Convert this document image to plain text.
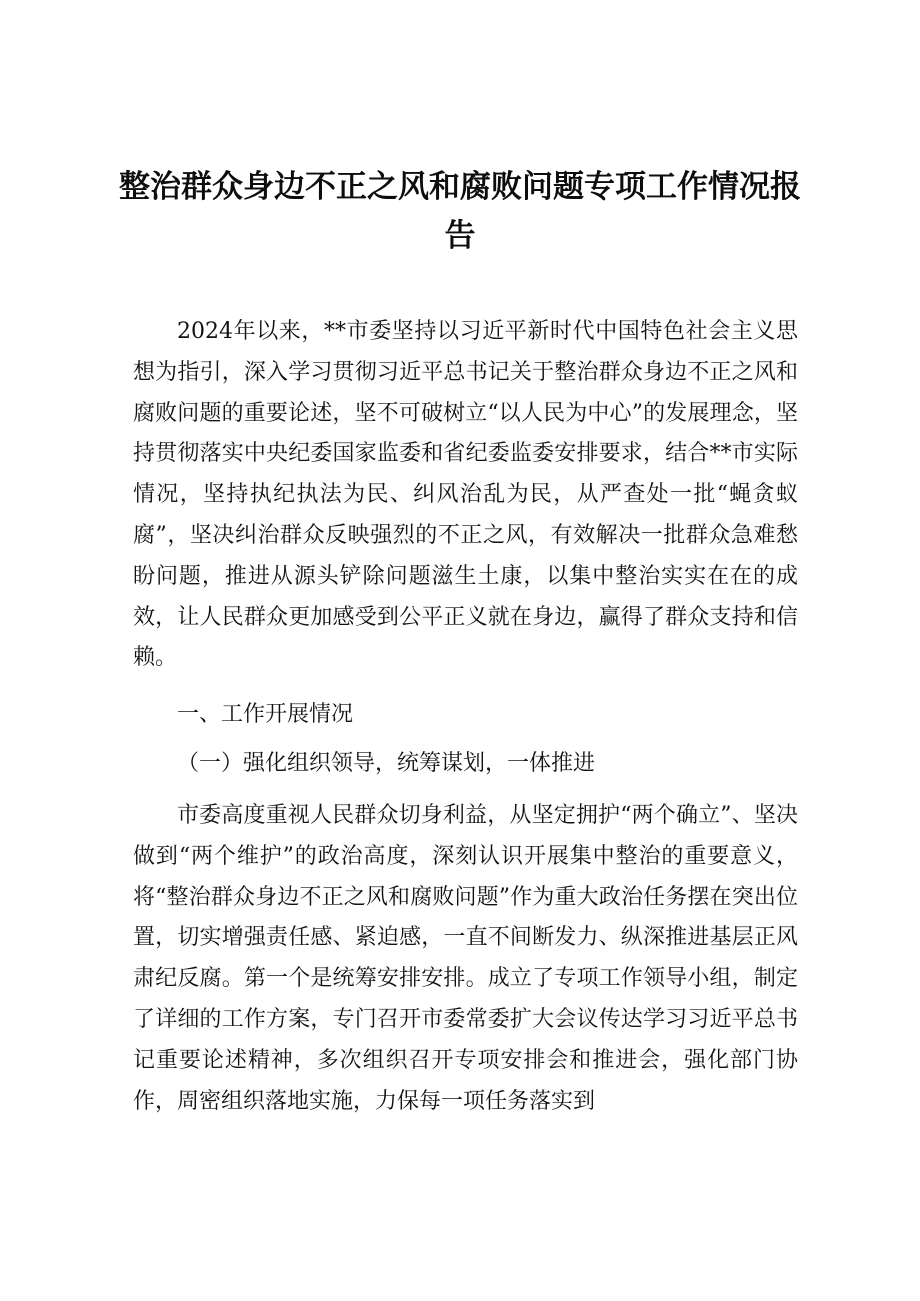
整治群众身边不正之风和腐败问题专项工作情况报告

2024年以来，**市委坚持以习近平新时代中国特色社会主义思想为指引，深入学习贯彻习近平总书记关于整治群众身边不正之风和腐败问题的重要论述，坚不可破树立“以人民为中心”的发展理念，坚持贯彻落实中央纪委国家监委和省纪委监委安排要求，结合**市实际情况，坚持执纪执法为民、纠风治乱为民，从严查处一批“蝇贪蚁腐”，坚决纠治群众反映强烈的不正之风，有效解决一批群众急难愁盼问题，推进从源头铲除问题滋生土康，以集中整治实实在在的成效，让人民群众更加感受到公平正义就在身边，赢得了群众支持和信赖。

一、工作开展情况

（一）强化组织领导，统筹谋划，一体推进

市委高度重视人民群众切身利益，从坚定拥护“两个确立”、坚决做到“两个维护”的政治高度，深刻认识开展集中整治的重要意义，将“整治群众身边不正之风和腐败问题”作为重大政治任务摆在突出位置，切实增强责任感、紧迫感，一直不间断发力、纵深推进基层正风肃纪反腐。第一个是统筹安排安排。成立了专项工作领导小组，制定了详细的工作方案，专门召开市委常委扩大会议传达学习习近平总书记重要论述精神，多次组织召开专项安排会和推进会，强化部门协作，周密组织落地实施，力保每一项任务落实到
